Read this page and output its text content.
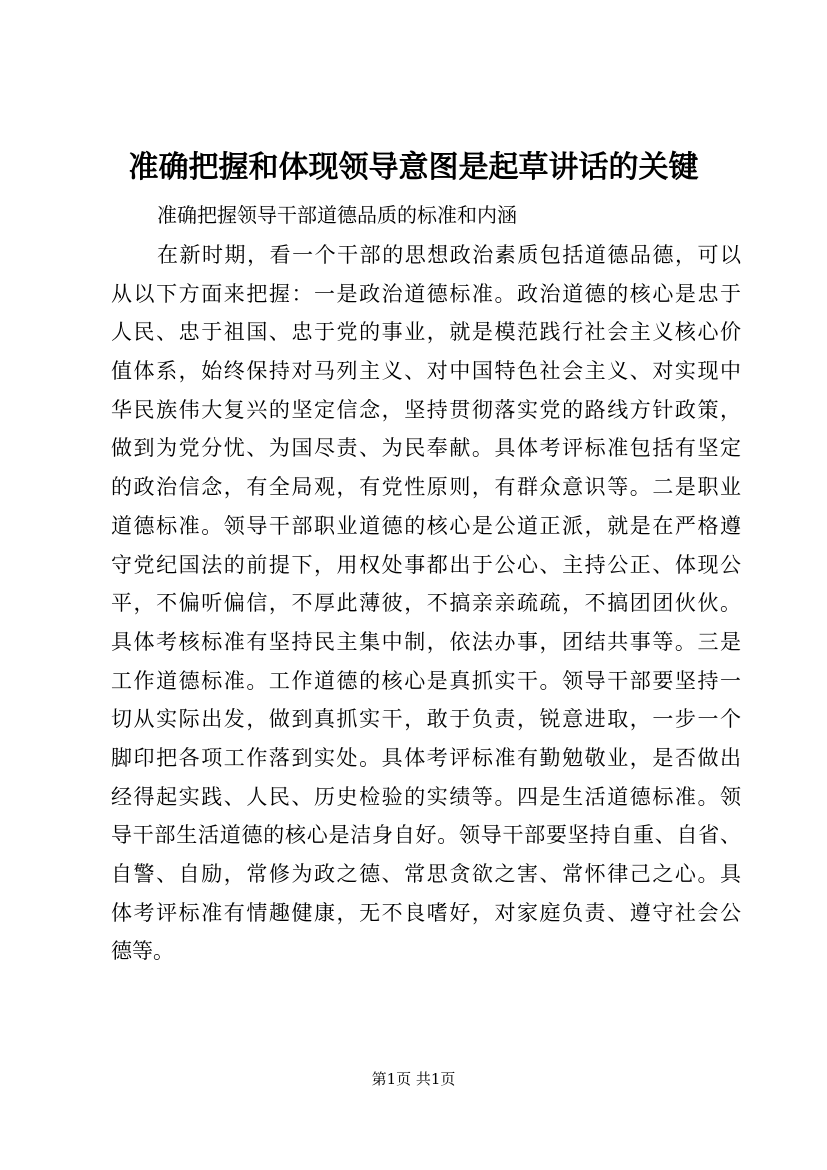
准确把握和体现领导意图是起草讲话的关键
准确把握领导干部道德品质的标准和内涵
在新时期，看一个干部的思想政治素质包括道德品德，可以
从以下方面来把握：一是政治道德标准。政治道德的核心是忠于
人民、忠于祖国、忠于党的事业，就是模范践行社会主义核心价
值体系，始终保持对马列主义、对中国特色社会主义、对实现中
华民族伟大复兴的坚定信念，坚持贯彻落实党的路线方针政策，
做到为党分忧、为国尽责、为民奉献。具体考评标准包括有坚定
的政治信念，有全局观，有党性原则，有群众意识等。二是职业
道德标准。领导干部职业道德的核心是公道正派，就是在严格遵
守党纪国法的前提下，用权处事都出于公心、主持公正、体现公
平，不偏听偏信，不厚此薄彼，不搞亲亲疏疏，不搞团团伙伙。
具体考核标准有坚持民主集中制，依法办事，团结共事等。三是
工作道德标准。工作道德的核心是真抓实干。领导干部要坚持一
切从实际出发，做到真抓实干，敢于负责，锐意进取，一步一个
脚印把各项工作落到实处。具体考评标准有勤勉敬业，是否做出
经得起实践、人民、历史检验的实绩等。四是生活道德标准。领
导干部生活道德的核心是洁身自好。领导干部要坚持自重、自省、
自警、自励，常修为政之德、常思贪欲之害、常怀律己之心。具
体考评标准有情趣健康，无不良嗜好，对家庭负责、遵守社会公
德等。
第1页 共1页
